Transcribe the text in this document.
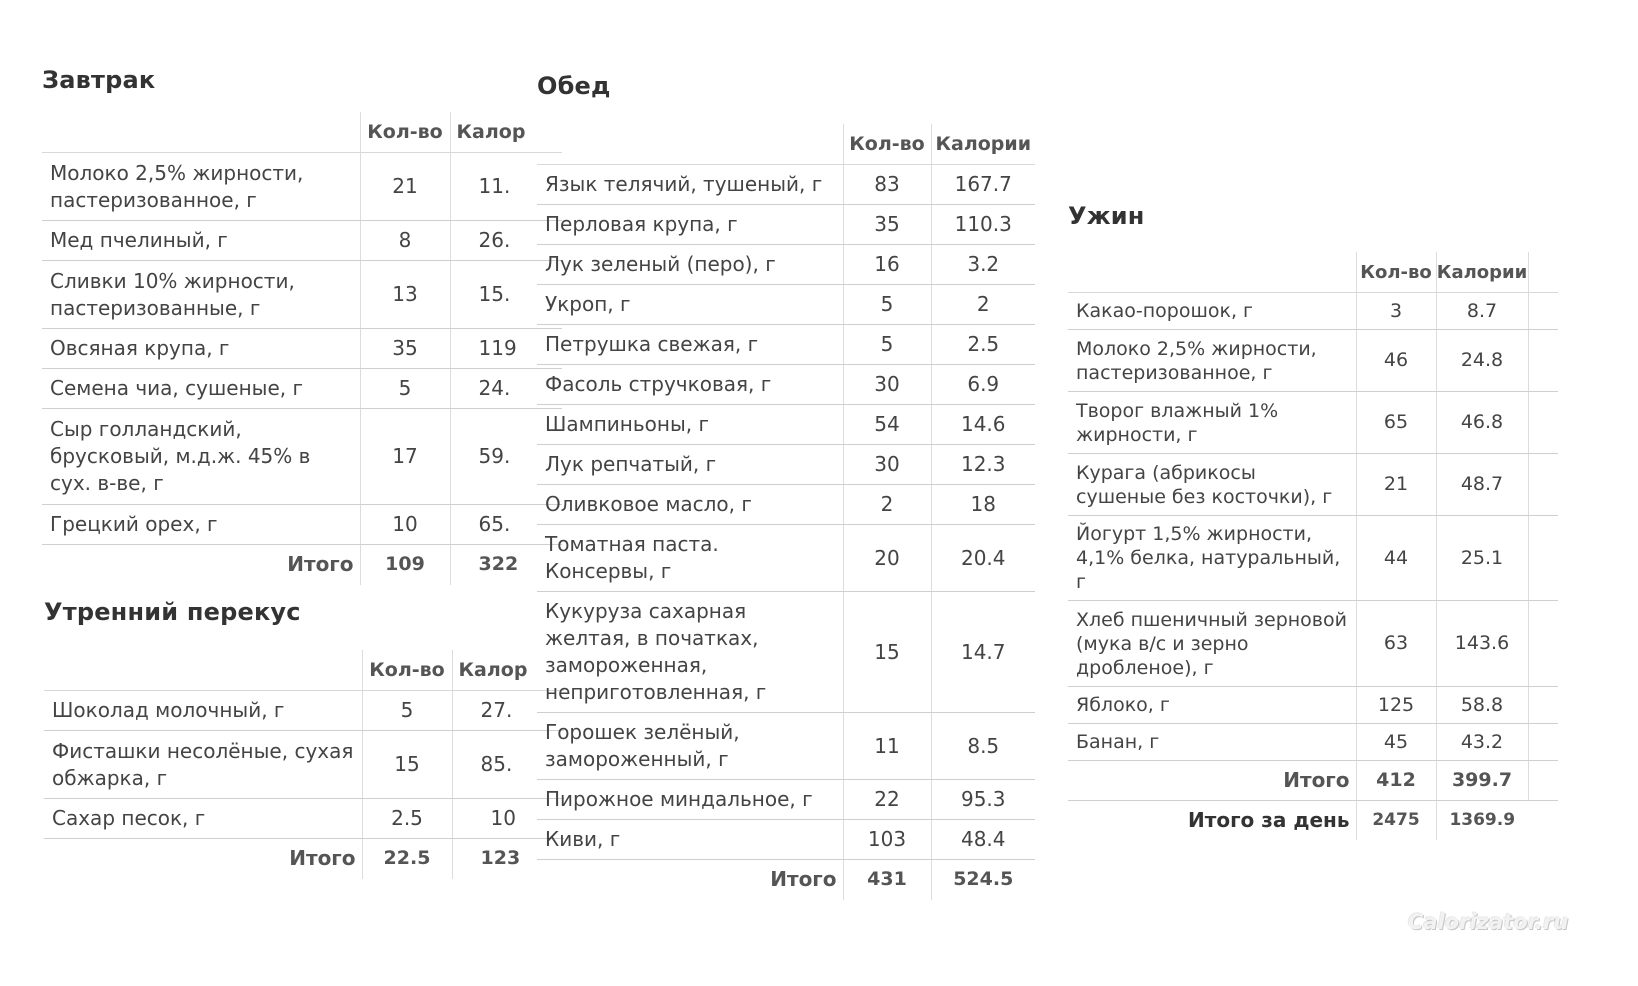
Завтрак
	Кол-во	Калор
Молоко 2,5% жирности, пастеризованное, г	21	11.
Мед пчелиный, г	8	26.
Сливки 10% жирности, пастеризованные, г	13	15.
Овсяная крупа, г	35	119
Семена чиа, сушеные, г	5	24.
Сыр голландский, брусковый, м.д.ж. 45% в сух. в-ве, г	17	59.
Грецкий орех, г	10	65.
Итого	109	322
Утренний перекус
	Кол-во	Калор
Шоколад молочный, г	5	27.
Фисташки несолёные, сухая обжарка, г	15	85.
Сахар песок, г	2.5	10
Итого	22.5	123
Обед
	Кол-во	Калории
Язык телячий, тушеный, г	83	167.7
Перловая крупа, г	35	110.3
Лук зеленый (перо), г	16	3.2
Укроп, г	5	2
Петрушка свежая, г	5	2.5
Фасоль стручковая, г	30	6.9
Шампиньоны, г	54	14.6
Лук репчатый, г	30	12.3
Оливковое масло, г	2	18
Томатная паста. Консервы, г	20	20.4
Кукуруза сахарная желтая, в початках, замороженная, неприготовленная, г	15	14.7
Горошек зелёный, замороженный, г	11	8.5
Пирожное миндальное, г	22	95.3
Киви, г	103	48.4
Итого	431	524.5
Ужин
	Кол-во	Калории	
Какао-порошок, г	3	8.7	
Молоко 2,5% жирности, пастеризованное, г	46	24.8	
Творог влажный 1% жирности, г	65	46.8	
Курага (абрикосы сушеные без косточки), г	21	48.7	
Йогурт 1,5% жирности, 4,1% белка, натуральный, г	44	25.1	
Хлеб пшеничный зерновой (мука в/с и зерно дробленое), г	63	143.6	
Яблоко, г	125	58.8	
Банан, г	45	43.2	
Итого	412	399.7	
Итого за день	2475	1369.9	
Calorizator.ru
